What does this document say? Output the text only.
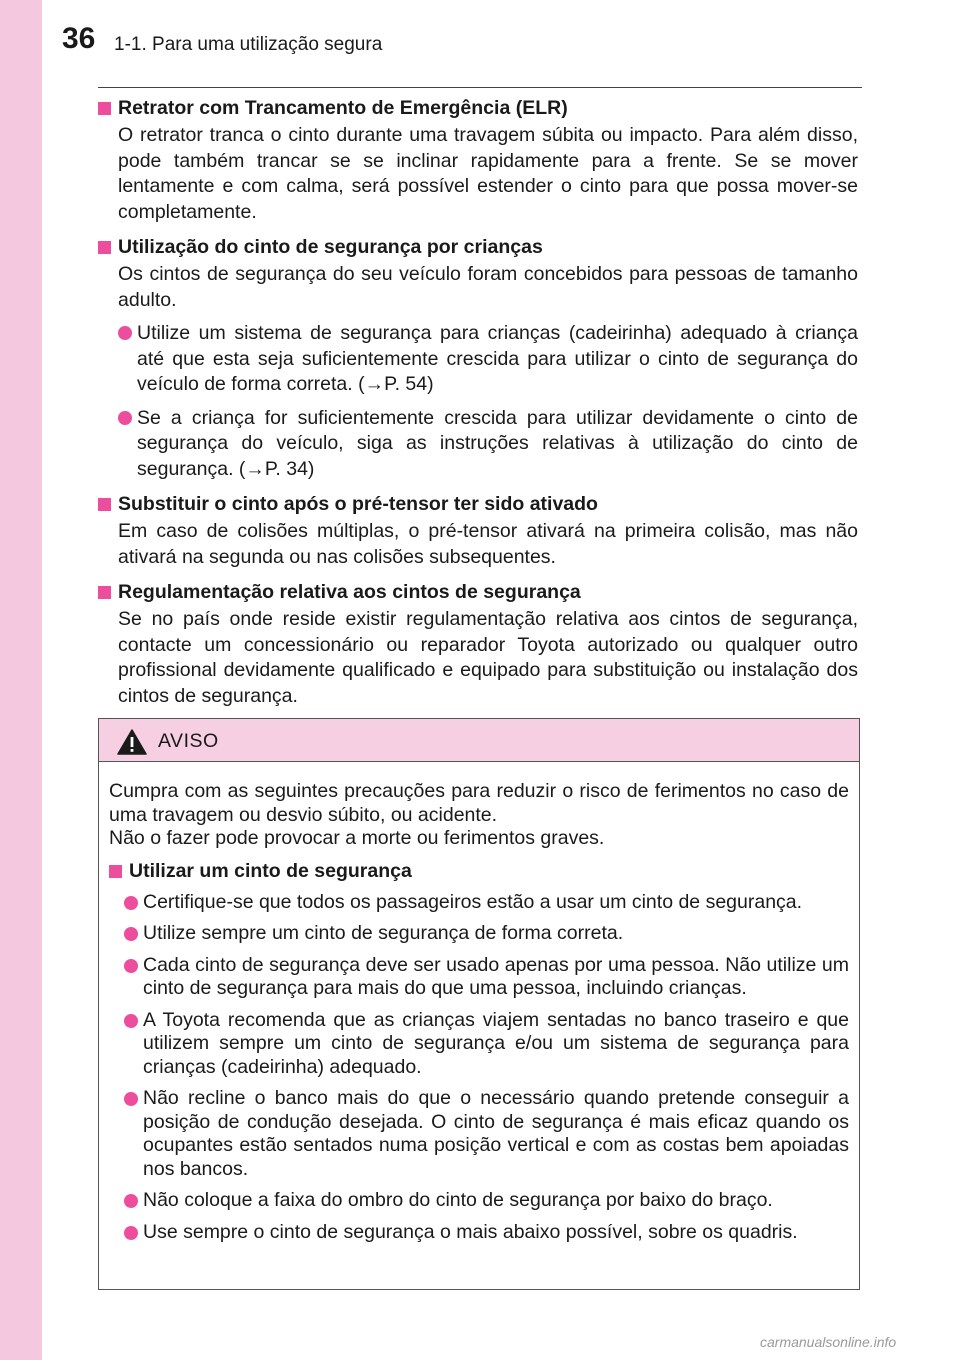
36 1-1. Para uma utilização segura
Retrator com Trancamento de Emergência (ELR)
O retrator tranca o cinto durante uma travagem súbita ou impacto. Para além disso, pode também trancar se se inclinar rapidamente para a frente. Se se mover lentamente e com calma, será possível estender o cinto para que possa mover-se completamente.
Utilização do cinto de segurança por crianças
Os cintos de segurança do seu veículo foram concebidos para pessoas de tamanho adulto.
Utilize um sistema de segurança para crianças (cadeirinha) adequado à criança até que esta seja suficientemente crescida para utilizar o cinto de segurança do veículo de forma correta. (→P. 54)
Se a criança for suficientemente crescida para utilizar devidamente o cinto de segurança do veículo, siga as instruções relativas à utilização do cinto de segurança. (→P. 34)
Substituir o cinto após o pré-tensor ter sido ativado
Em caso de colisões múltiplas, o pré-tensor ativará na primeira colisão, mas não ativará na segunda ou nas colisões subsequentes.
Regulamentação relativa aos cintos de segurança
Se no país onde reside existir regulamentação relativa aos cintos de segurança, contacte um concessionário ou reparador Toyota autorizado ou qualquer outro profissional devidamente qualificado e equipado para substituição ou instalação dos cintos de segurança.
AVISO
Cumpra com as seguintes precauções para reduzir o risco de ferimentos no caso de uma travagem ou desvio súbito, ou acidente.
Não o fazer pode provocar a morte ou ferimentos graves.
Utilizar um cinto de segurança
Certifique-se que todos os passageiros estão a usar um cinto de segurança.
Utilize sempre um cinto de segurança de forma correta.
Cada cinto de segurança deve ser usado apenas por uma pessoa. Não utilize um cinto de segurança para mais do que uma pessoa, incluindo crianças.
A Toyota recomenda que as crianças viajem sentadas no banco traseiro e que utilizem sempre um cinto de segurança e/ou um sistema de segurança para crianças (cadeirinha) adequado.
Não recline o banco mais do que o necessário quando pretende conseguir a posição de condução desejada. O cinto de segurança é mais eficaz quando os ocupantes estão sentados numa posição vertical e com as costas bem apoiadas nos bancos.
Não coloque a faixa do ombro do cinto de segurança por baixo do braço.
Use sempre o cinto de segurança o mais abaixo possível, sobre os quadris.
carmanualsonline.info
